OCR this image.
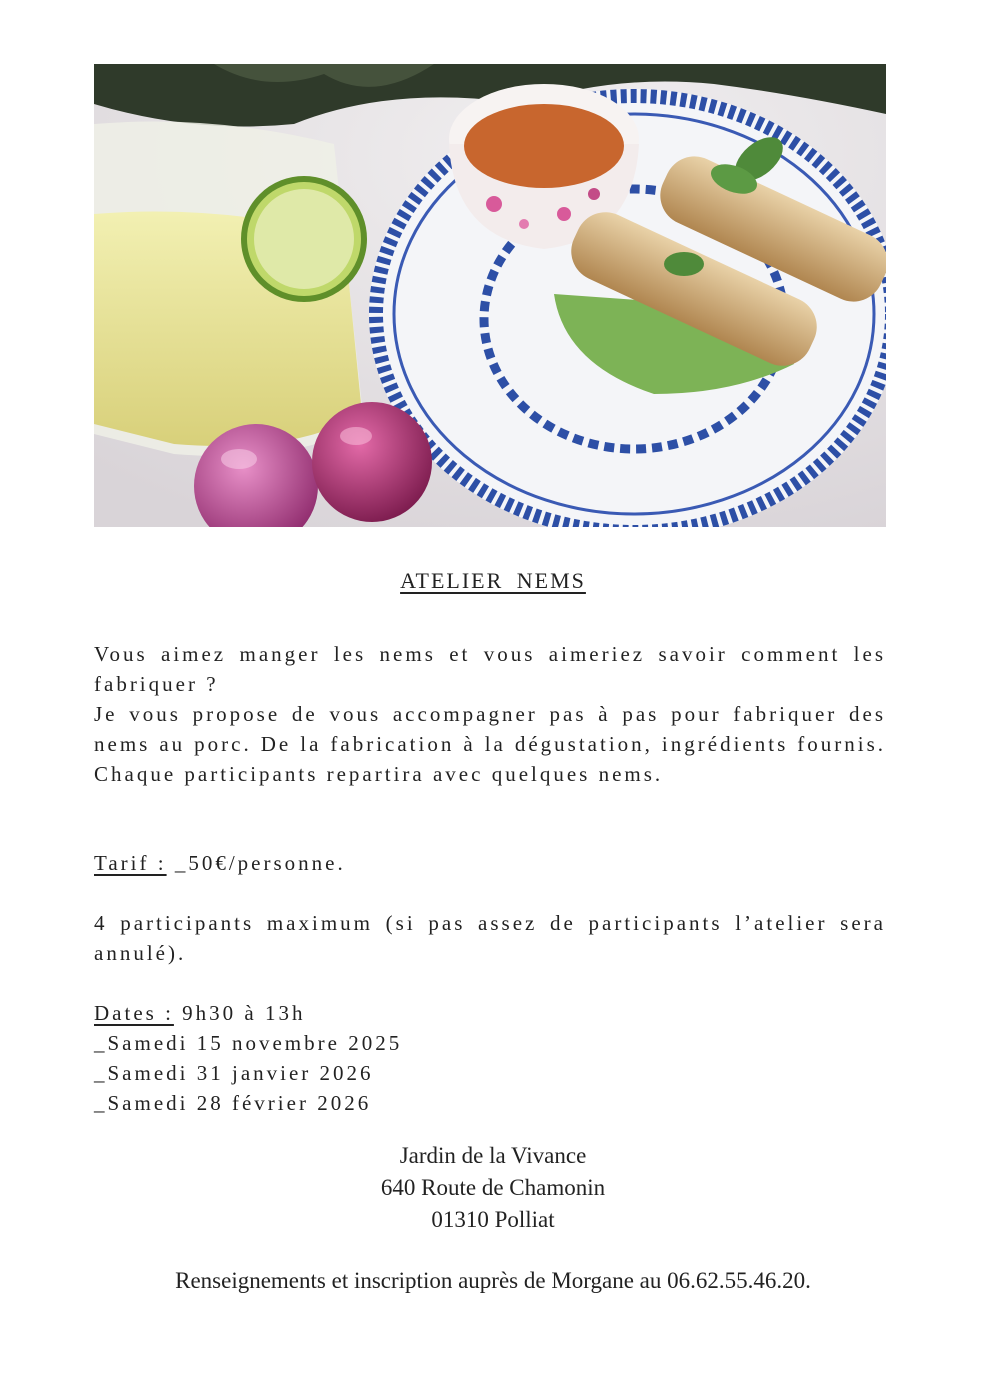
ATELIER NEMS
Vous aimez manger les nems et vous aimeriez savoir comment les fabriquer ?
Je vous propose de vous accompagner pas à pas pour fabriquer des nems au porc. De la fabrication à la dégustation, ingrédients fournis. Chaque participants repartira avec quelques nems.
Tarif : _50€/personne.
4 participants maximum (si pas assez de participants l’atelier sera annulé).
Dates : 9h30 à 13h
_Samedi 15 novembre 2025
_Samedi 31 janvier 2026
_Samedi 28 février 2026
Jardin de la Vivance
640 Route de Chamonin
01310 Polliat
Renseignements et inscription auprès de Morgane au 06.62.55.46.20.
